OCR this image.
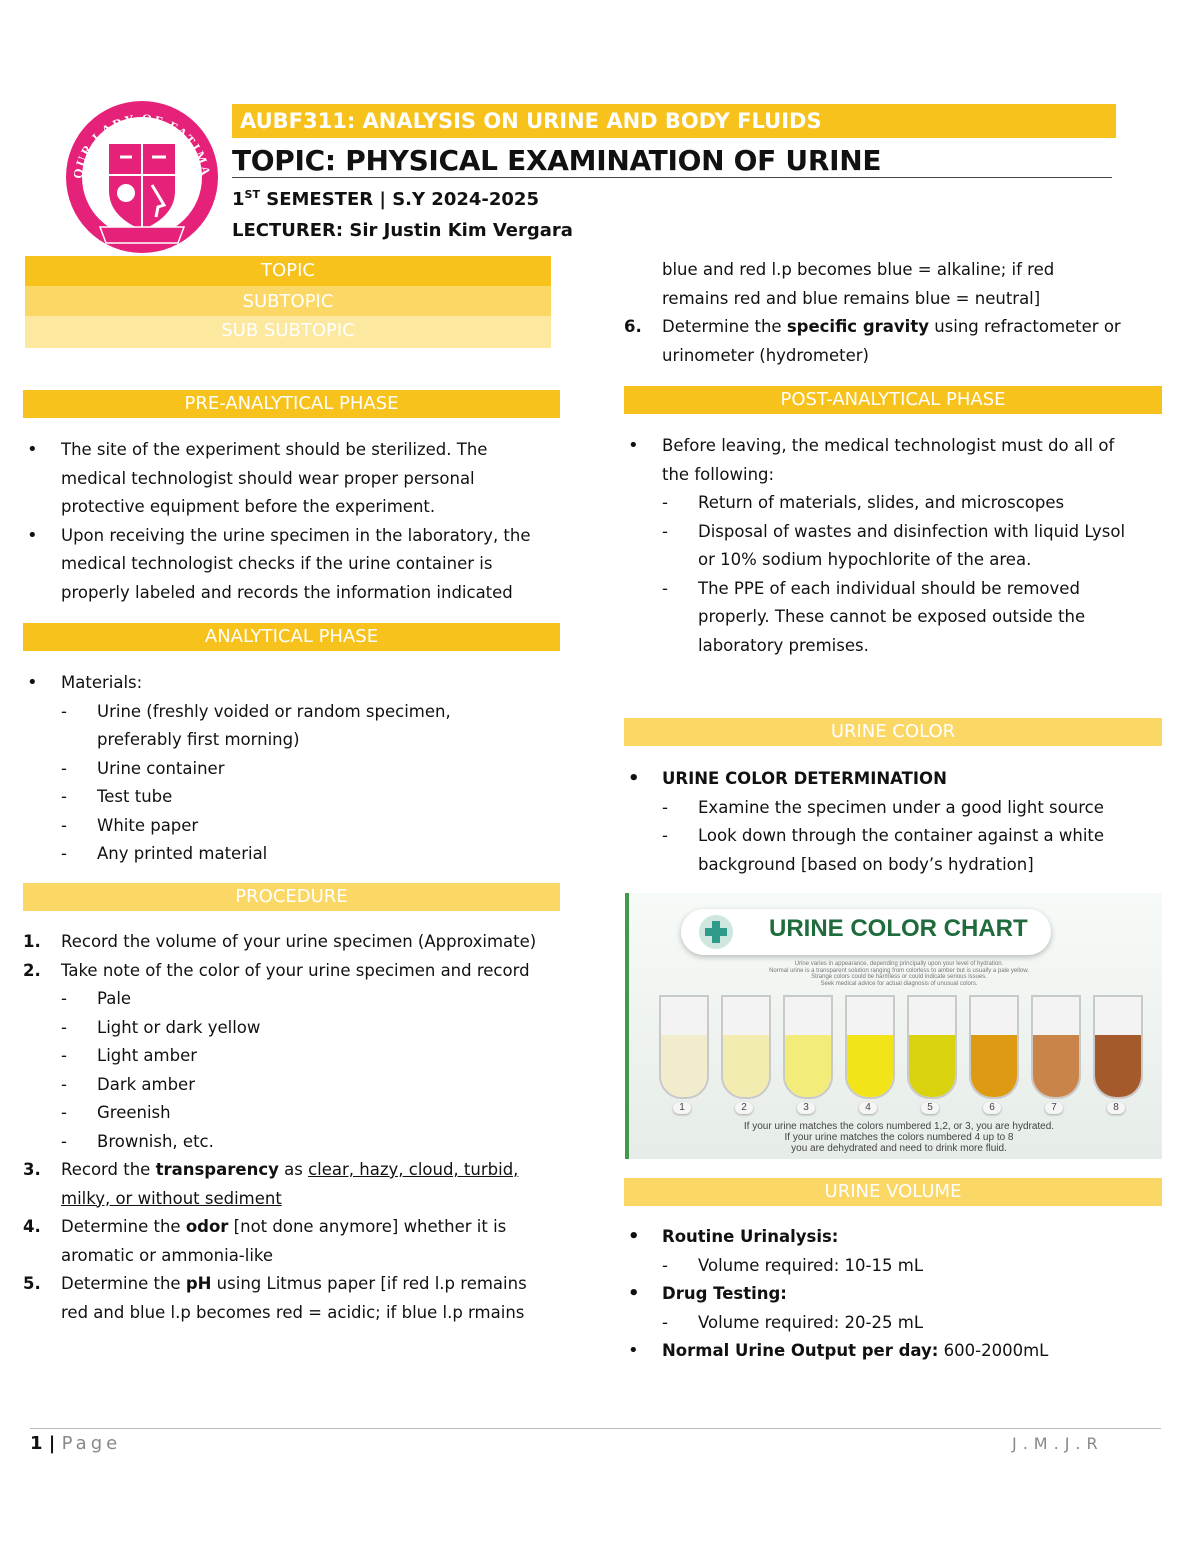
OUR LADY OF FATIMA
AUBF311: ANALYSIS ON URINE AND BODY FLUIDS
TOPIC: PHYSICAL EXAMINATION OF URINE
1ST SEMESTER | S.Y 2024-2025
LECTURER: Sir Justin Kim Vergara
TOPIC
SUBTOPIC
SUB SUBTOPIC
PRE-ANALYTICAL PHASE
• The site of the experiment should be sterilized. The medical technologist should wear proper personal protective equipment before the experiment.
• Upon receiving the urine specimen in the laboratory, the medical technologist checks if the urine container is properly labeled and records the information indicated
ANALYTICAL PHASE
• Materials:
- Urine (freshly voided or random specimen, preferably first morning)
- Urine container
- Test tube
- White paper
- Any printed material
PROCEDURE
1. Record the volume of your urine specimen (Approximate)
2. Take note of the color of your urine specimen and record
- Pale
- Light or dark yellow
- Light amber
- Dark amber
- Greenish
- Brownish, etc.
3. Record the transparency as clear, hazy, cloud, turbid, milky, or without sediment
4. Determine the odor [not done anymore] whether it is aromatic or ammonia-like
5. Determine the pH using Litmus paper [if red l.p remains red and blue l.p becomes red = acidic; if blue l.p rmains
blue and red l.p becomes blue = alkaline; if red remains red and blue remains blue = neutral]
6. Determine the specific gravity using refractometer or urinometer (hydrometer)
POST-ANALYTICAL PHASE
• Before leaving, the medical technologist must do all of the following:
- Return of materials, slides, and microscopes
- Disposal of wastes and disinfection with liquid Lysol or 10% sodium hypochlorite of the area.
- The PPE of each individual should be removed properly. These cannot be exposed outside the laboratory premises.
URINE COLOR
• URINE COLOR DETERMINATION
- Examine the specimen under a good light source
- Look down through the container against a white background [based on body’s hydration]
URINE COLOR CHART
Urine varies in appearance, depending principally upon your level of hydration.
Normal urine is a transparent solution ranging from colorless to amber but is usually a pale yellow.
Strange colors could be harmless or could indicate serious issues.
Seek medical advice for actual diagnosis of unusual colors.
1	2	3	4	5	6	7	8
If your urine matches the colors numbered 1,2, or 3, you are hydrated.
If your urine matches the colors numbered 4 up to 8
you are dehydrated and need to drink more fluid.
URINE VOLUME
• Routine Urinalysis:
- Volume required: 10-15 mL
• Drug Testing:
- Volume required: 20-25 mL
• Normal Urine Output per day: 600-2000mL
1 | Page	J.M.J.R
